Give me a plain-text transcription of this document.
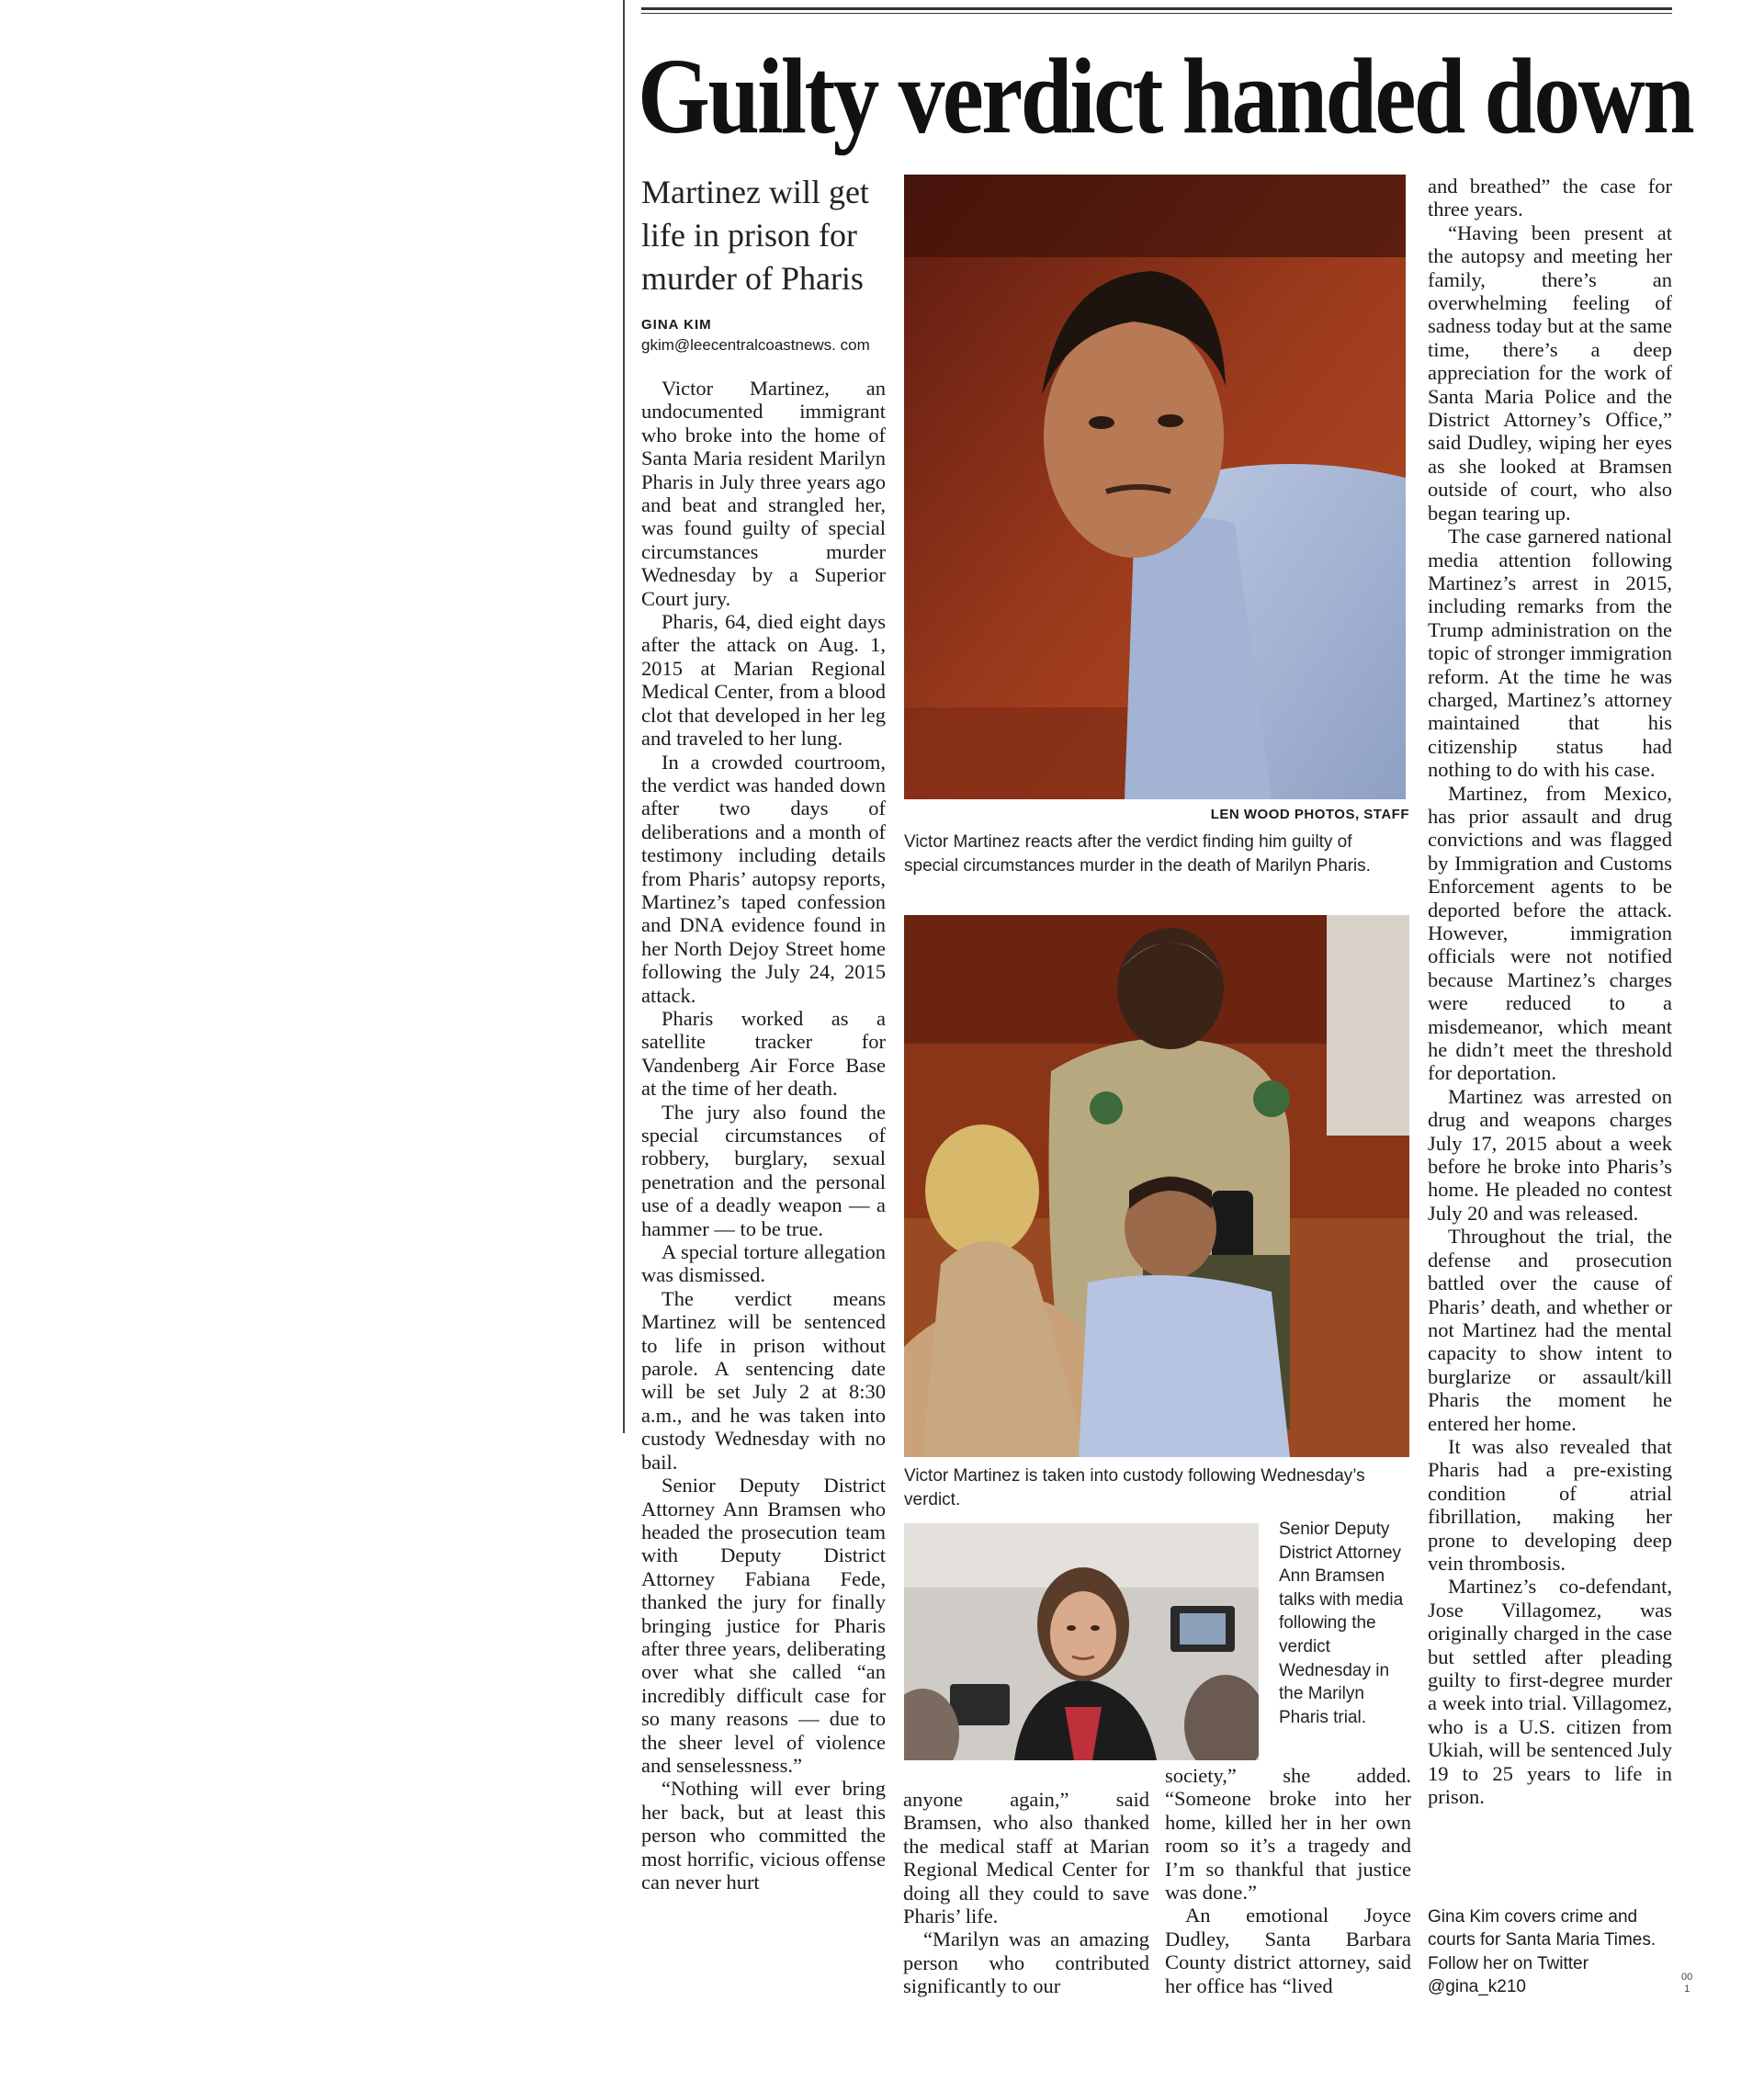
Guilty verdict handed down
Martinez will get life in prison for murder of Pharis
GINA KIM
gkim@leecentralcoastnews. com

Victor Martinez, an undocumented immigrant who broke into the home of Santa Maria resident Marilyn Pharis in July three years ago and beat and strangled her, was found guilty of special circumstances murder Wednesday by a Superior Court jury.

Pharis, 64, died eight days after the attack on Aug. 1, 2015 at Marian Regional Medical Center, from a blood clot that developed in her leg and traveled to her lung.

In a crowded courtroom, the verdict was handed down after two days of deliberations and a month of testimony including details from Pharis’ autopsy reports, Martinez’s taped confession and DNA evidence found in her North Dejoy Street home following the July 24, 2015 attack.

Pharis worked as a satellite tracker for Vandenberg Air Force Base at the time of her death.

The jury also found the special circumstances of robbery, burglary, sexual penetration and the personal use of a deadly weapon — a hammer — to be true.

A special torture allegation was dismissed.

The verdict means Martinez will be sentenced to life in prison without parole. A sentencing date will be set July 2 at 8:30 a.m., and he was taken into custody Wednesday with no bail.

Senior Deputy District Attorney Ann Bramsen who headed the prosecution team with Deputy District Attorney Fabiana Fede, thanked the jury for finally bringing justice for Pharis after three years, deliberating over what she called “an incredibly difficult case for so many reasons — due to the sheer level of violence and senselessness.”

“Nothing will ever bring her back, but at least this person who committed the most horrific, vicious offense can never hurt

LEN WOOD PHOTOS, STAFF
Victor Martinez reacts after the verdict finding him guilty of special circumstances murder in the death of Marilyn Pharis.
Victor Martinez is taken into custody following Wednesday’s verdict.
Senior Deputy District Attorney Ann Bramsen talks with media following the verdict Wednesday in the Marilyn Pharis trial.

anyone again,” said Bramsen, who also thanked the medical staff at Marian Regional Medical Center for doing all they could to save Pharis’ life.

“Marilyn was an amazing person who contributed significantly to our

society,” she added. “Someone broke into her home, killed her in her own room so it’s a tragedy and I’m so thankful that justice was done.”

An emotional Joyce Dudley, Santa Barbara County district attorney, said her office has “lived

and breathed” the case for three years.

“Having been present at the autopsy and meeting her family, there’s an overwhelming feeling of sadness today but at the same time, there’s a deep appreciation for the work of Santa Maria Police and the District Attorney’s Office,” said Dudley, wiping her eyes as she looked at Bramsen outside of court, who also began tearing up.

The case garnered national media attention following Martinez’s arrest in 2015, including remarks from the Trump administration on the topic of stronger immigration reform. At the time he was charged, Martinez’s attorney maintained that his citizenship status had nothing to do with his case.

Martinez, from Mexico, has prior assault and drug convictions and was flagged by Immigration and Customs Enforcement agents to be deported before the attack. However, immigration officials were not notified because Martinez’s charges were reduced to a misdemeanor, which meant he didn’t meet the threshold for deportation.

Martinez was arrested on drug and weapons charges July 17, 2015 about a week before he broke into Pharis’s home. He pleaded no contest July 20 and was released.

Throughout the trial, the defense and prosecution battled over the cause of Pharis’ death, and whether or not Martinez had the mental capacity to show intent to burglarize or assault/kill Pharis the moment he entered her home.

It was also revealed that Pharis had a pre-existing condition of atrial fibrillation, making her prone to developing deep vein thrombosis.

Martinez’s co-defendant, Jose Villagomez, was originally charged in the case but settled after pleading guilty to first-degree murder a week into trial. Villagomez, who is a U.S. citizen from Ukiah, will be sentenced July 19 to 25 years to life in prison.

Gina Kim covers crime and courts for Santa Maria Times. Follow her on Twitter @gina_k210
00
1
